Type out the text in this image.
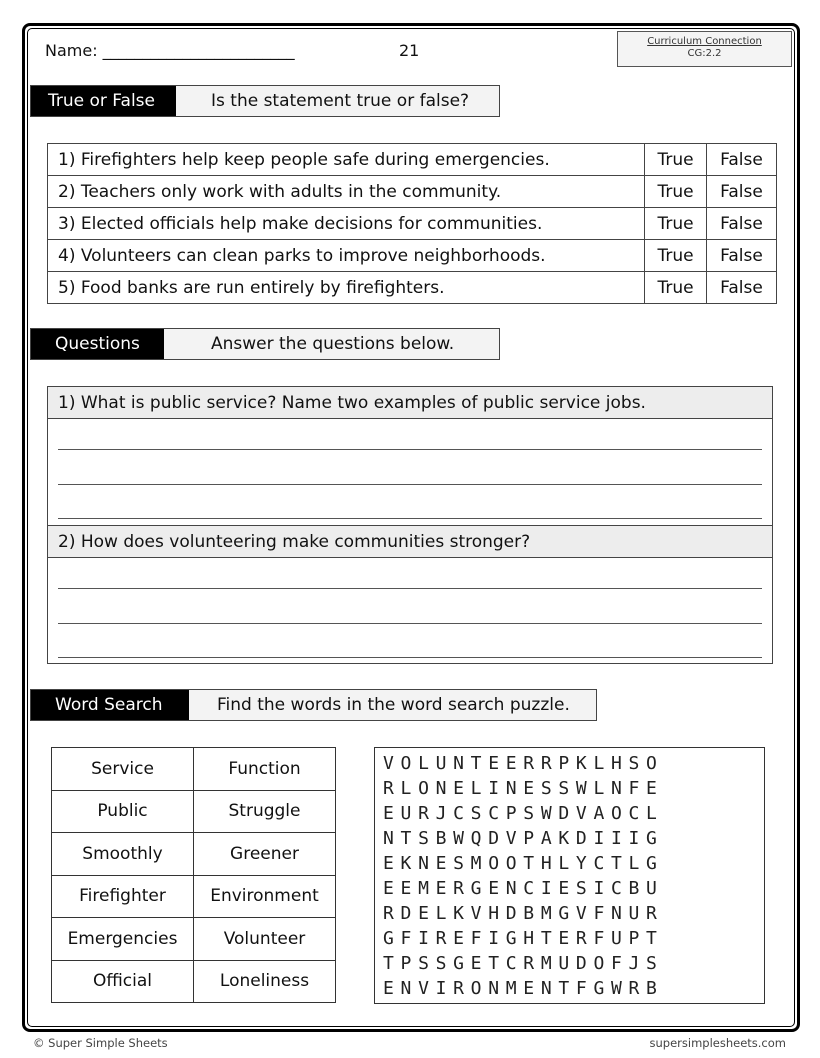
Name: ________________________	21	Curriculum Connection
CG:2.2
True or False	Is the statement true or false?
1) Firefighters help keep people safe during emergencies.	True	False
2) Teachers only work with adults in the community.	True	False
3) Elected officials help make decisions for communities.	True	False
4) Volunteers can clean parks to improve neighborhoods.	True	False
5) Food banks are run entirely by firefighters.	True	False
Questions	Answer the questions below.
1) What is public service? Name two examples of public service jobs.
2) How does volunteering make communities stronger?
Word Search	Find the words in the word search puzzle.
Service	Function
Public	Struggle
Smoothly	Greener
Firefighter	Environment
Emergencies	Volunteer
Official	Loneliness
VOLUNTEERRPKLHSO
RLONELINESSWLNFE
EURJCSCPSWDVAOCL
NTSBWQDVPAKDIIIG
EKNESMOOTHLYCTLG
EEMERGENCIESICBU
RDELKVHDBMGVFNUR
GFIREFIGHTERFUPT
TPSSGETCRMUDOFJS
ENVIRONMENTFGWRB
© Super Simple Sheets	supersimplesheets.com
